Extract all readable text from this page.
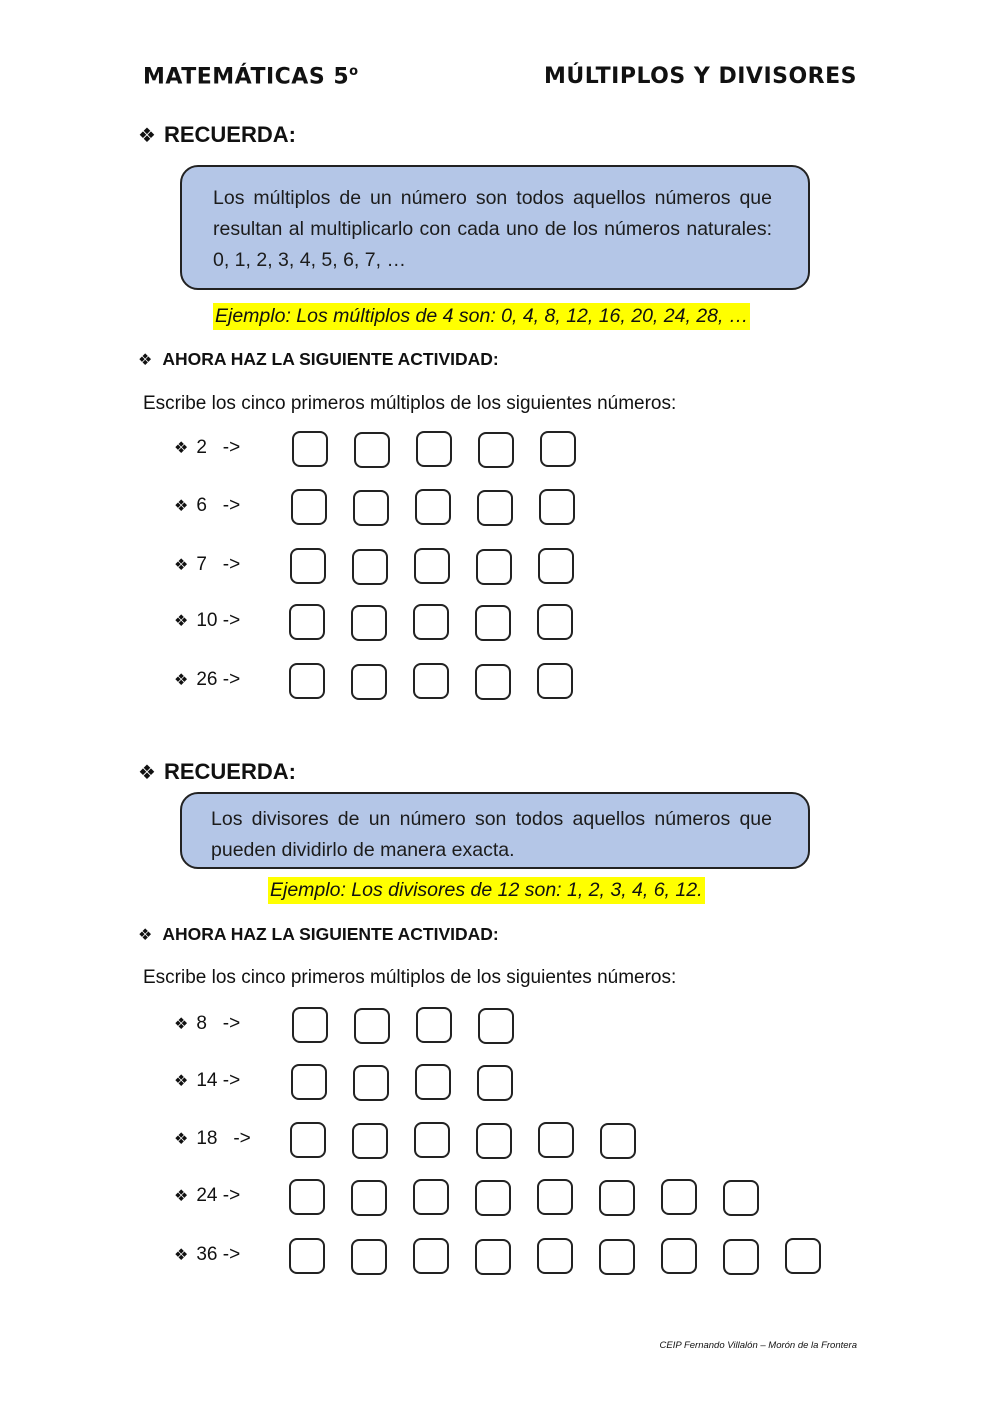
MATEMÁTICAS 5$^o$	MÚLTIPLOS Y DIVISORES
❖ RECUERDA:
Los múltiplos de un número son todos aquellos números que resultan al multiplicarlo con cada uno de los números naturales: 0, 1, 2, 3, 4, 5, 6, 7, …
Ejemplo: Los múltiplos de 4 son: 0, 4, 8, 12, 16, 20, 24, 28, …
❖ AHORA HAZ LA SIGUIENTE ACTIVIDAD:
Escribe los cinco primeros múltiplos de los siguientes números:
❖ 2   ->
❖ 6   ->
❖ 7   ->
❖ 10 ->
❖ 26 ->
❖ RECUERDA:
Los divisores de un número son todos aquellos números que pueden dividirlo de manera exacta.
Ejemplo: Los divisores de 12 son: 1, 2, 3, 4, 6, 12.
❖ AHORA HAZ LA SIGUIENTE ACTIVIDAD:
Escribe los cinco primeros múltiplos de los siguientes números:
❖ 8   ->
❖ 14 ->
❖ 18   ->
❖ 24 ->
❖ 36 ->
CEIP Fernando Villalón – Morón de la Frontera
